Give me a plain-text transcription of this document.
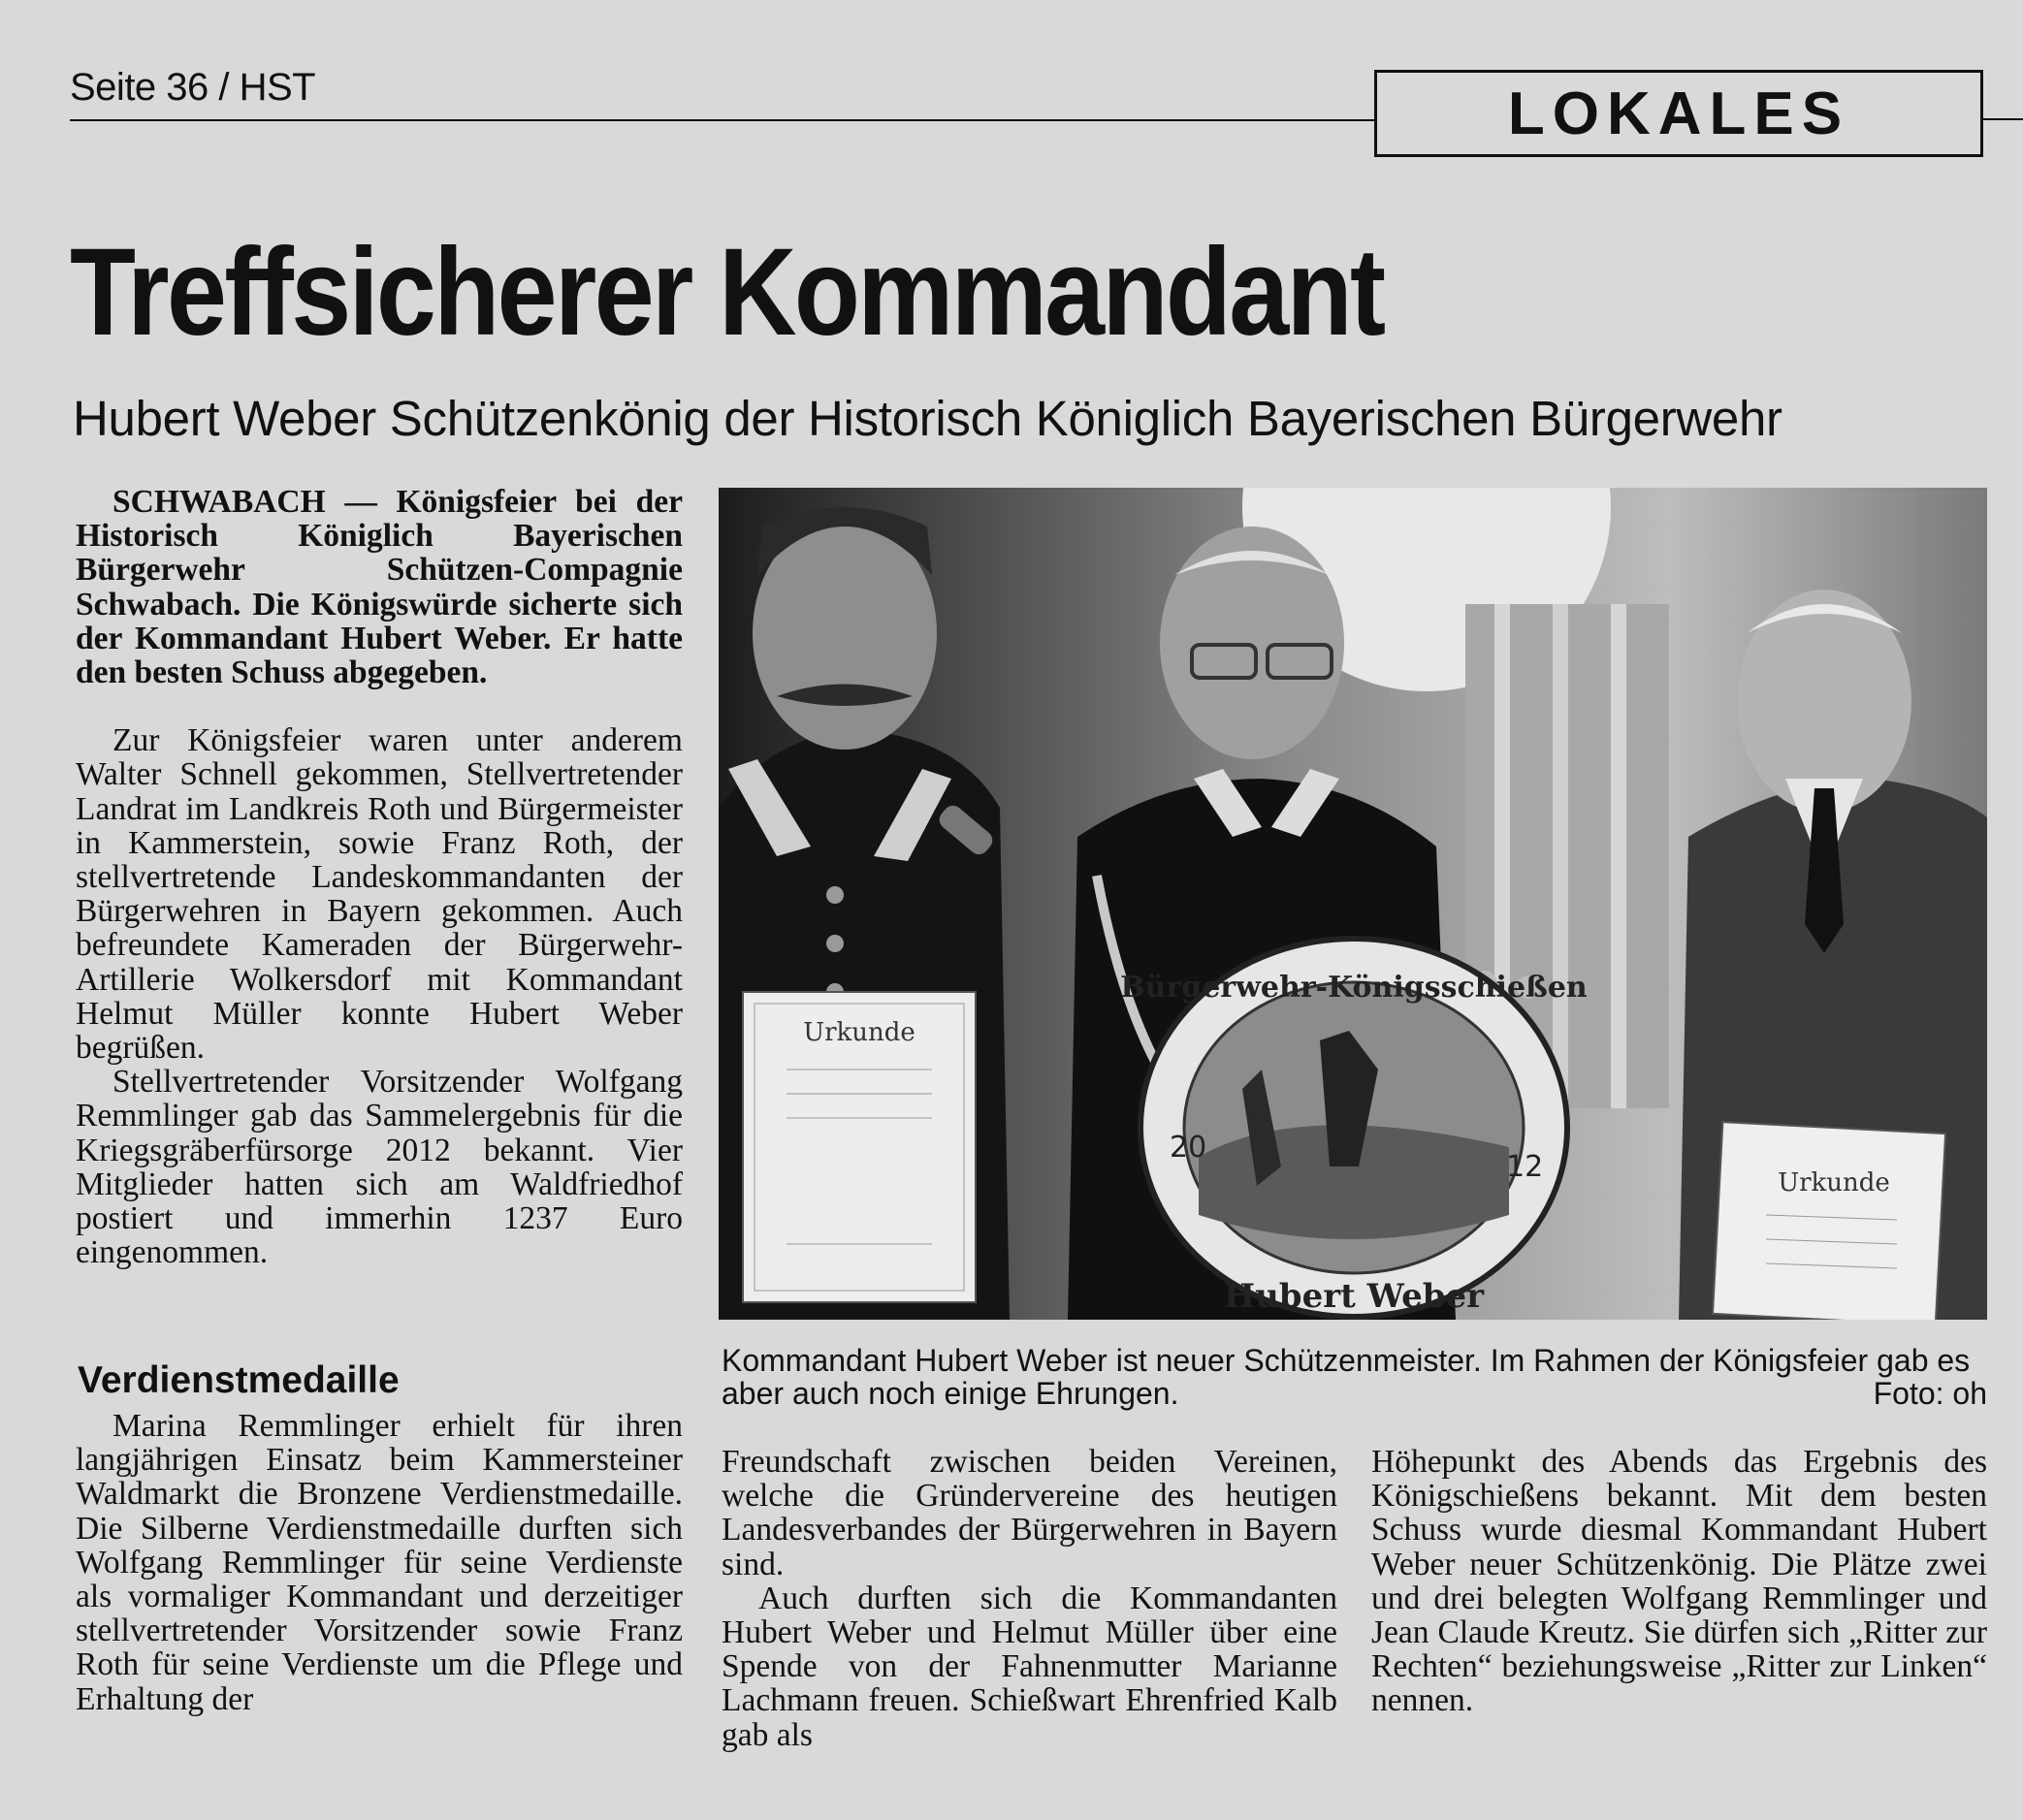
Seite 36 / HST	LOKALES
Treffsicherer Kommandant
Hubert Weber Schützenkönig der Historisch Königlich Bayerischen Bürgerwehr

SCHWABACH — Königsfeier bei der Historisch Königlich Bayerischen Bürgerwehr Schützen-Compagnie Schwabach. Die Königswürde sicherte sich der Kommandant Hubert Weber. Er hatte den besten Schuss abgegeben.

Zur Königsfeier waren unter anderem Walter Schnell gekommen, Stellvertretender Landrat im Landkreis Roth und Bürgermeister in Kammerstein, sowie Franz Roth, der stellvertretende Landeskommandanten der Bürgerwehren in Bayern gekommen. Auch befreundete Kameraden der Bürgerwehr-Artillerie Wolkersdorf mit Kommandant Helmut Müller konnte Hubert Weber begrüßen.

Stellvertretender Vorsitzender Wolfgang Remmlinger gab das Sammelergebnis für die Kriegsgräberfürsorge 2012 bekannt. Vier Mitglieder hatten sich am Waldfriedhof postiert und immerhin 1237 Euro eingenommen.

Verdienstmedaille

Marina Remmlinger erhielt für ihren langjährigen Einsatz beim Kammersteiner Waldmarkt die Bronzene Verdienstmedaille. Die Silberne Verdienstmedaille durften sich Wolfgang Remmlinger für seine Verdienste als vormaliger Kommandant und derzeitiger stellvertretender Vorsitzender sowie Franz Roth für seine Verdienste um die Pflege und Erhaltung der

Urkunde
Bürgerwehr-Königsschießen
20
12
Hubert Weber
Urkunde
Kommandant Hubert Weber ist neuer Schützenmeister. Im Rahmen der Königsfeier gab es aber auch noch einige Ehrungen.	Foto: oh

Freundschaft zwischen beiden Vereinen, welche die Gründervereine des heutigen Landesverbandes der Bürgerwehren in Bayern sind.

Auch durften sich die Kommandanten Hubert Weber und Helmut Müller über eine Spende von der Fahnenmutter Marianne Lachmann freuen. Schießwart Ehrenfried Kalb gab als

Höhepunkt des Abends das Ergebnis des Königschießens bekannt. Mit dem besten Schuss wurde diesmal Kommandant Hubert Weber neuer Schützenkönig. Die Plätze zwei und drei belegten Wolfgang Remmlinger und Jean Claude Kreutz. Sie dürfen sich „Ritter zur Rechten“ beziehungsweise „Ritter zur Linken“ nennen.
